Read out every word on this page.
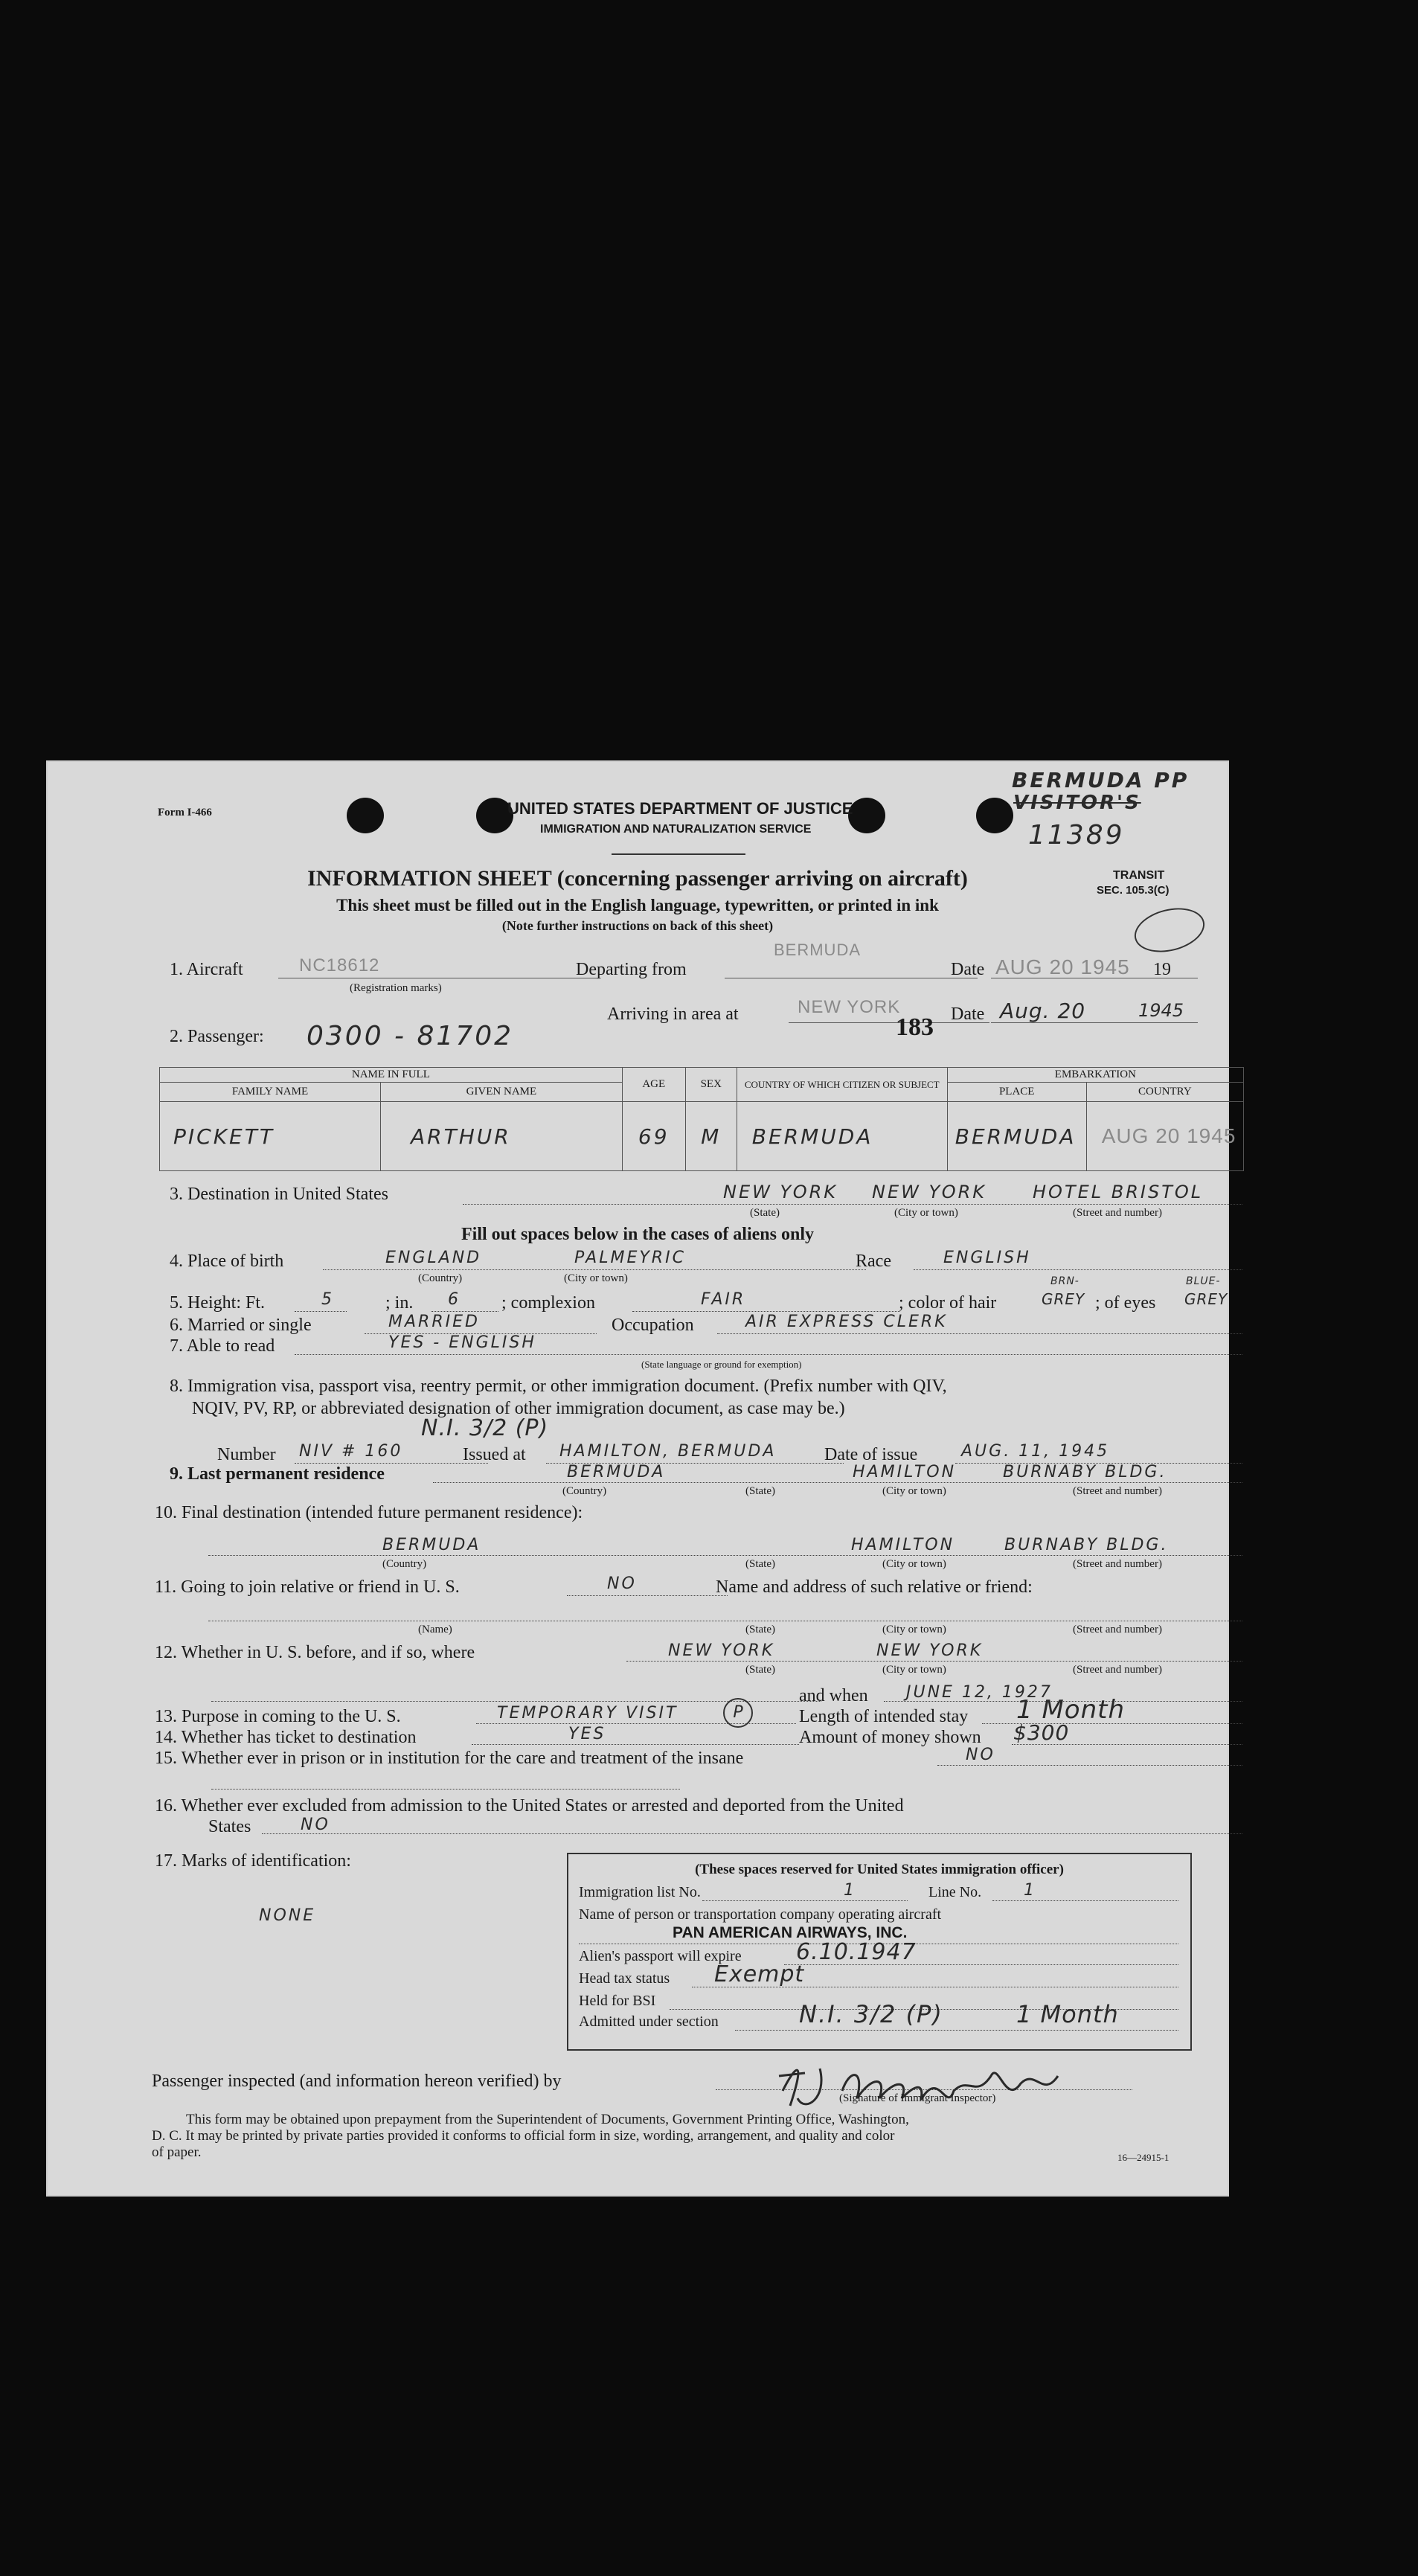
Form I-466	UNITED STATES DEPARTMENT OF JUSTICE
IMMIGRATION AND NATURALIZATION SERVICE
BERMUDA PP
VISITOR'S
11389
TRANSIT
SEC. 105.3(C)
INFORMATION SHEET (concerning passenger arriving on aircraft)
This sheet must be filled out in the English language, typewritten, or printed in ink
(Note further instructions on back of this sheet)
1. Aircraft	NC18612
(Registration marks)
Departing from
BERMUDA
Date AUG 20 1945 19
Arriving in area at	NEW YORK
183 Date Aug. 20	1945
2. Passenger: 0300 - 81702
NAME IN FULL		AGE	SEX	COUNTRY OF WHICH CITIZEN OR SUBJECT	EMBARKATION	
FAMILY NAME	GIVEN NAME				PLACE	COUNTRY
PICKETT	ARTHUR	69	M	BERMUDA	BERMUDA	AUG 20 1945
3. Destination in United States	NEW YORK NEW YORK	HOTEL BRISTOL
(State)	(City or town)	(Street and number)
Fill out spaces below in the cases of aliens only
4. Place of birth	ENGLAND	PALMEYRIC
(Country)	(City or town)
Race	ENGLISH
5. Height: Ft.	5	; in. 6 ; complexion	FAIR	; color of hair
BRN-
GREY ; of eyes
BLUE-
GREY
6. Married or single	MARRIED	Occupation	AIR EXPRESS CLERK
7. Able to read	YES - ENGLISH
(State language or ground for exemption)
8. Immigration visa, passport visa, reentry permit, or other immigration document. (Prefix number with QIV,
NQIV, PV, RP, or abbreviated designation of other immigration document, as case may be.)
Number NIV # 160
N.I. 3/2 (P)
Issued at HAMILTON, BERMUDA	Date of issue	AUG. 11, 1945
9. Last permanent residence	BERMUDA	HAMILTON	BURNABY BLDG.
(Country)	(State)	(City or town)	(Street and number)
10. Final destination (intended future permanent residence):
BERMUDA	HAMILTON	BURNABY BLDG.
(Country)	(State)	(City or town)	(Street and number)
11. Going to join relative or friend in U. S.	NO	Name and address of such relative or friend:
(Name)	(State)	(City or town)	(Street and number)
12. Whether in U. S. before, and if so, where	NEW YORK	NEW YORK
(State)	(City or town)	(Street and number)
and when JUNE 12, 1927
13. Purpose in coming to the U. S.	TEMPORARY VISIT	P	Length of intended stay 1 Month
14. Whether has ticket to destination	YES	Amount of money shown $300
15. Whether ever in prison or in institution for the care and treatment of the insane	NO
16. Whether ever excluded from admission to the United States or arrested and deported from the United
States	NO
17. Marks of identification:
NONE
(These spaces reserved for United States immigration officer)
Immigration list No.	1	Line No.	1
Name of person or transportation company operating aircraft
PAN AMERICAN AIRWAYS, INC.
Alien's passport will expire 6.10.1947
Head tax status Exempt
Held for BSI
Admitted under section	N.I. 3/2 (P)	1 Month
Passenger inspected (and information hereon verified) by
(Signature of Immigrant Inspector)
This form may be obtained upon prepayment from the Superintendent of Documents, Government Printing Office, Washington,
D. C. It may be printed by private parties provided it conforms to official form in size, wording, arrangement, and quality and color
of paper.	16—24915-1
